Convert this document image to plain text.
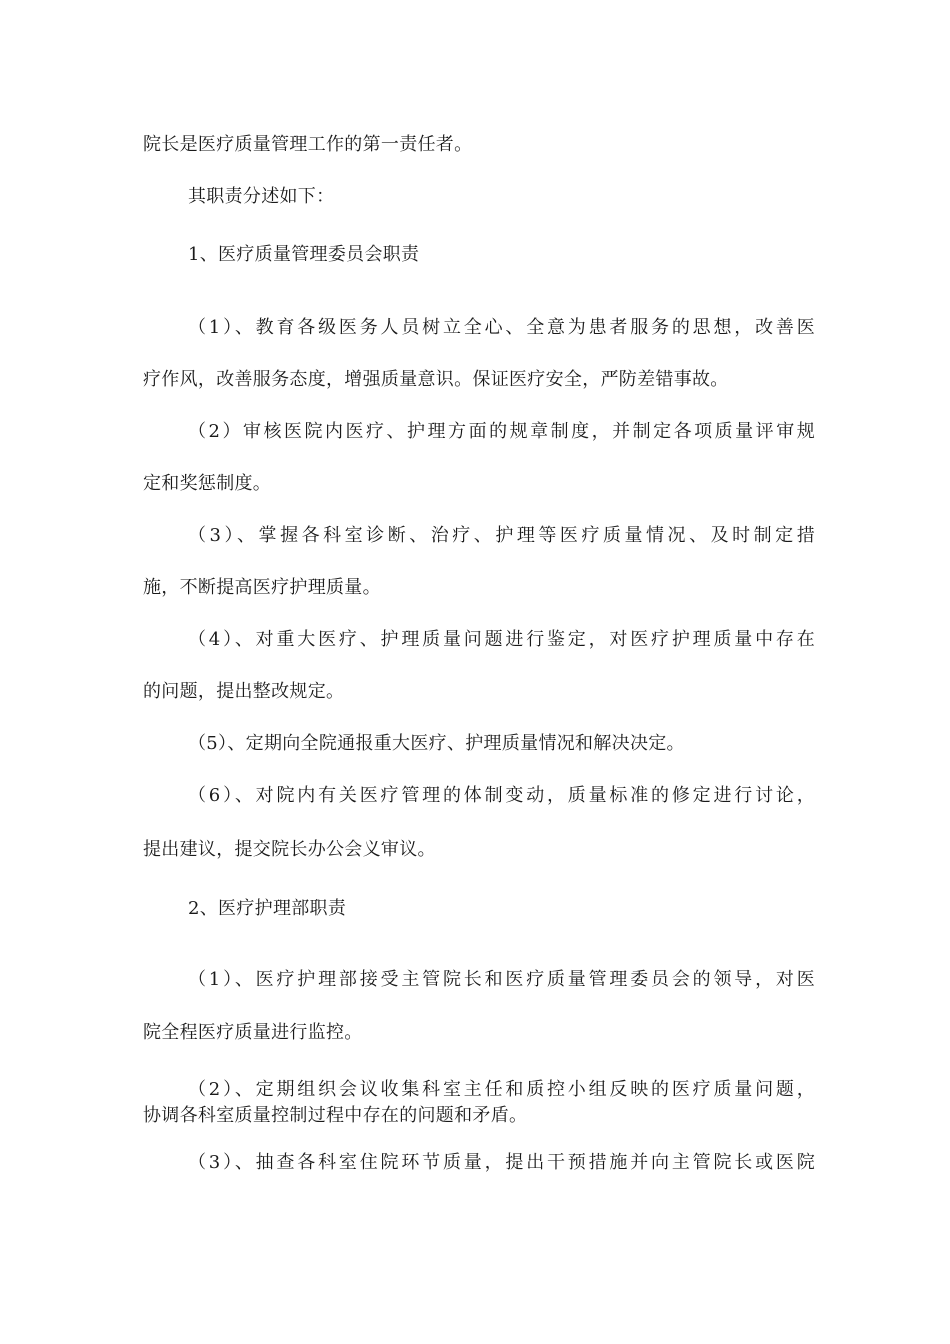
院长是医疗质量管理工作的第一责任者。
其职责分述如下：
1、医疗质量管理委员会职责
（1）、教育各级医务人员树立全心、全意为患者服务的思想，改善医
疗作风，改善服务态度，增强质量意识。保证医疗安全，严防差错事故。
（2）审核医院内医疗、护理方面的规章制度，并制定各项质量评审规
定和奖惩制度。
（3）、掌握各科室诊断、治疗、护理等医疗质量情况、及时制定措
施，不断提高医疗护理质量。
（4）、对重大医疗、护理质量问题进行鉴定，对医疗护理质量中存在
的问题，提出整改规定。
（5）、定期向全院通报重大医疗、护理质量情况和解决决定。
（6）、对院内有关医疗管理的体制变动，质量标准的修定进行讨论，
提出建议，提交院长办公会义审议。
2、医疗护理部职责
（1）、医疗护理部接受主管院长和医疗质量管理委员会的领导，对医
院全程医疗质量进行监控。
（2）、定期组织会议收集科室主任和质控小组反映的医疗质量问题，
协调各科室质量控制过程中存在的问题和矛盾。
（3）、抽查各科室住院环节质量，提出干预措施并向主管院长或医院
